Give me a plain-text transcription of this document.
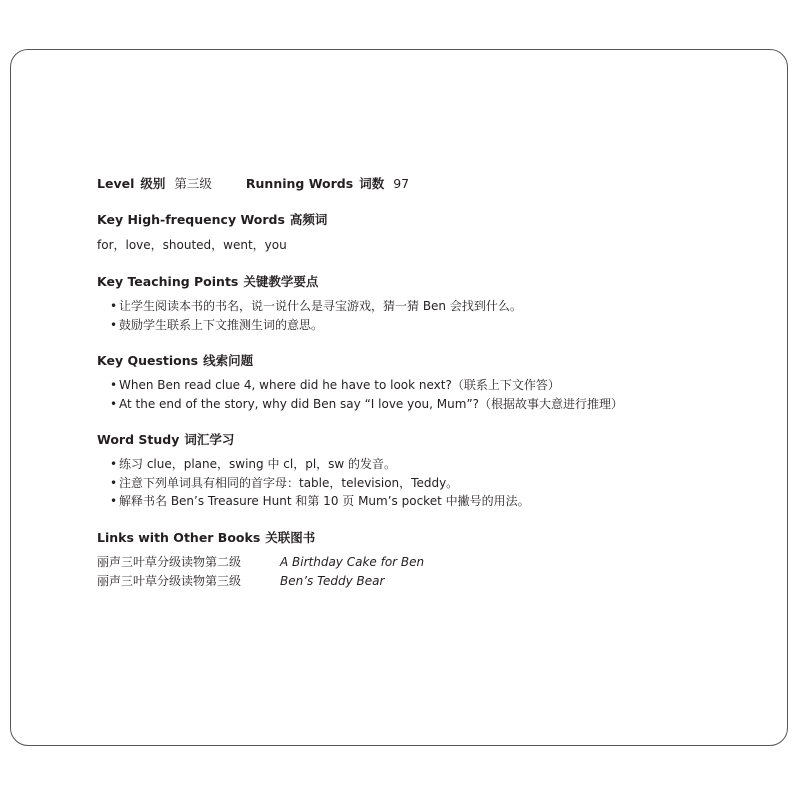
Level 级别 第三级	Running Words 词数 97
Key High-frequency Words 高频词
for，love，shouted，went，you
Key Teaching Points 关键教学要点
• 让学生阅读本书的书名，说一说什么是寻宝游戏，猜一猜 Ben 会找到什么。
• 鼓励学生联系上下文推测生词的意思。
Key Questions 线索问题
• When Ben read clue 4, where did he have to look next?（联系上下文作答）
• At the end of the story, why did Ben say “I love you, Mum”?（根据故事大意进行推理）
Word Study 词汇学习
• 练习 clue，plane，swing 中 cl，pl，sw 的发音。
• 注意下列单词具有相同的首字母：table，television，Teddy。
• 解释书名 Ben’s Treasure Hunt 和第 10 页 Mum’s pocket 中撇号的用法。
Links with Other Books 关联图书
丽声三叶草分级读物第二级	A Birthday Cake for Ben
丽声三叶草分级读物第三级	Ben’s Teddy Bear
